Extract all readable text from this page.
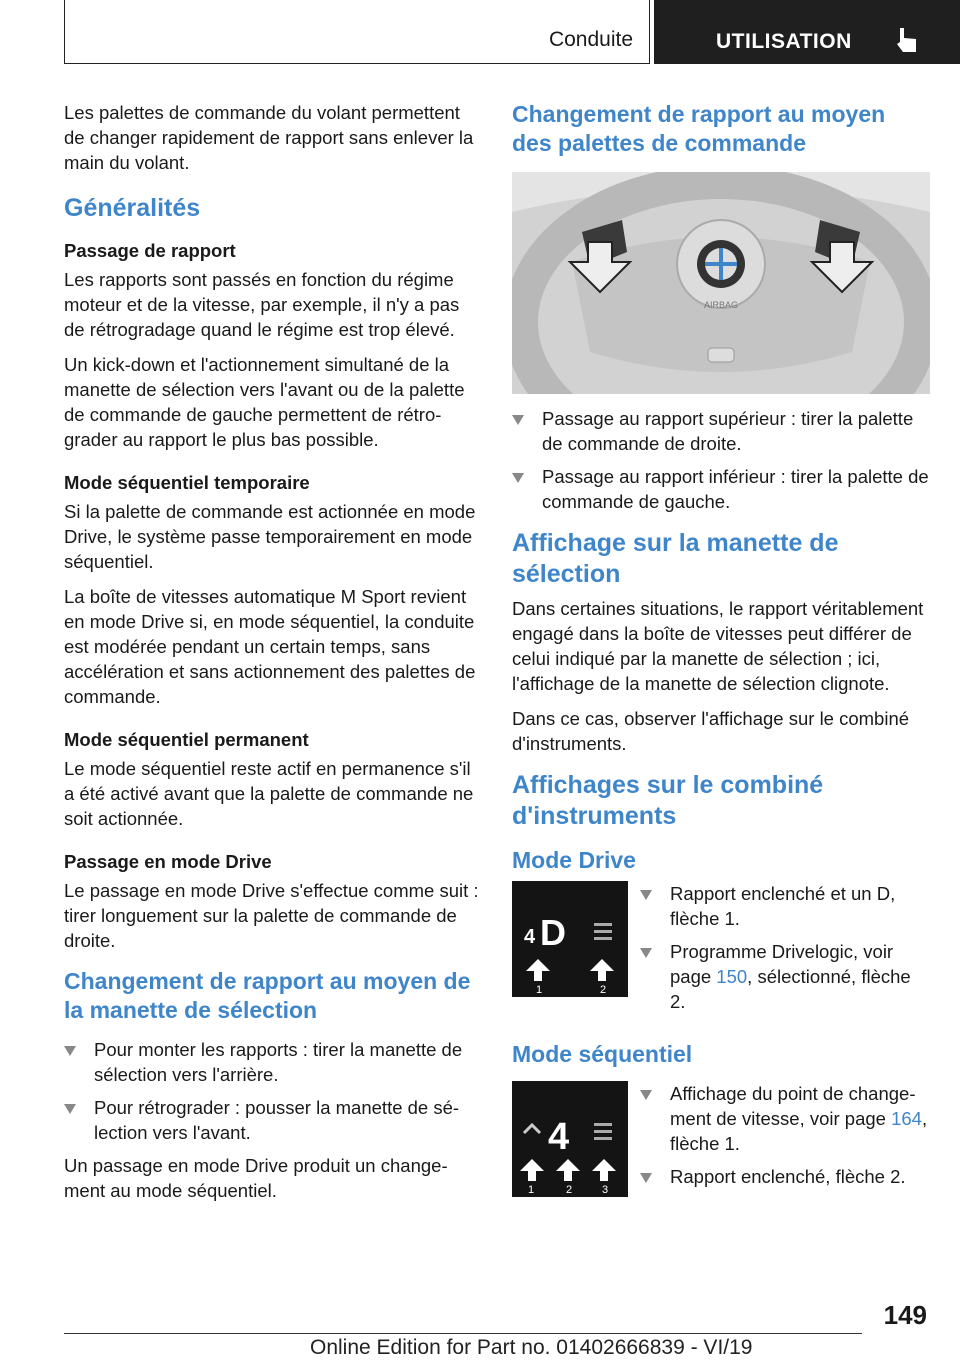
Conduite	UTILISATION

Les palettes de commande du volant permettent de changer rapidement de rapport sans enlever la main du volant.

Généralités
Passage de rapport

Les rapports sont passés en fonction du régime moteur et de la vitesse, par exemple, il n'y a pas de rétrogradage quand le régime est trop élevé.

Un kick-down et l'actionnement simultané de la manette de sélection vers l'avant ou de la palette de commande de gauche permettent de rétrograder au rapport le plus bas possible.

Mode séquentiel temporaire

Si la palette de commande est actionnée en mode Drive, le système passe temporairement en mode séquentiel.

La boîte de vitesses automatique M Sport revient en mode Drive si, en mode séquentiel, la conduite est modérée pendant un certain temps, sans accélération et sans actionnement des palettes de commande.

Mode séquentiel permanent

Le mode séquentiel reste actif en permanence s'il a été activé avant que la palette de commande ne soit actionnée.

Passage en mode Drive

Le passage en mode Drive s'effectue comme suit : tirer longuement sur la palette de commande de droite.

Changement de rapport au moyen de la manette de sélection
Pour monter les rapports : tirer la manette de sélection vers l'arrière.
Pour rétrograder : pousser la manette de sélection vers l'avant.

Un passage en mode Drive produit un changement au mode séquentiel.

Changement de rapport au moyen des palettes de commande
AIRBAG
Passage au rapport supérieur : tirer la palette de commande de droite.
Passage au rapport inférieur : tirer la palette de commande de gauche.
Affichage sur la manette de sélection

Dans certaines situations, le rapport véritablement engagé dans la boîte de vitesses peut différer de celui indiqué par la manette de sélection ; ici, l'affichage de la manette de sélection clignote.

Dans ce cas, observer l'affichage sur le combiné d'instruments.

Affichages sur le combiné d'instruments
Mode Drive
4 D
1	2
Rapport enclenché et un D, flèche 1.
Programme Drivelogic, voir page 150, sélectionné, flèche 2.
Mode séquentiel
4
1	2	3
Affichage du point de changement de vitesse, voir page 164, flèche 1.
Rapport enclenché, flèche 2.
149
Online Edition for Part no. 01402666839 - VI/19
